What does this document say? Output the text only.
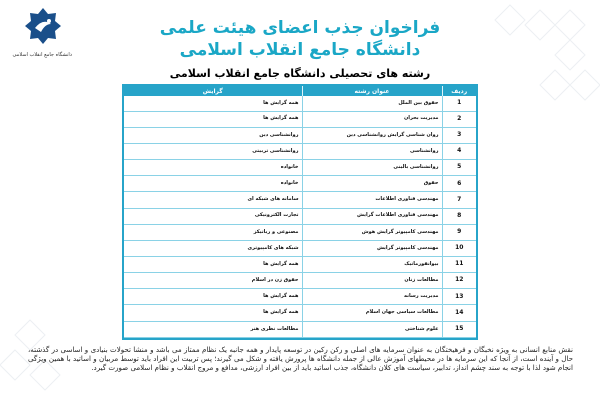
دانشگاه جامع انقلاب اسلامی
فراخوان جذب اعضای هیئت علمی
دانشگاه جامع انقلاب اسلامی
رشته های تحصیلی دانشگاه جامع انقلاب اسلامی
ردیف	عنوان رشته	گرایش
1	حقوق بین الملل	همه گرایش ها
2	مدیریت بحران	همه گرایش ها
3	روان شناسی گرایش روانشناسی دین	روانشناسی دین
4	روانشناسی	روانشناسی تربیتی
5	روانشناسی بالینی	خانواده
6	حقوق	خانواده
7	مهندسی فناوری اطلاعات	سامانه های شبکه ای
8	مهندسی فناوری اطلاعات گرایش	تجارت الکترونیکی
9	مهندسی کامپیوتر گرایش هوش	مصنوعی و رباتیکز
10	مهندسی کامپیوتر گرایش	شبکه های کامپیوتری
11	بیوانفورماتیک	همه گرایش ها
12	مطالعات زنان	حقوق زن در اسلام
13	مدیریت رسانه	همه گرایش ها
14	مطالعات سیاسی جهان اسلام	همه گرایش ها
15	علوم شناختی	مطالعات نظری هنر
نقش منابع انسانی به ویژه نخبگان و فرهیختگان به عنوان سرمایه های اصلی و رکن رکین در توسعه پایدار و همه جانبه یک نظام ممتاز می باشد و منشا تحولات بنیادی و اساسی در گذشته، حال و آینده است، از آنجا که این سرمایه ها در محیطهای آموزش عالی از جمله دانشگاه ها پرورش یافته و شکل می گیرند؛ پس تربیت این افراد باید توسط مربیان و اساتید با همین ویژگی انجام شود لذا با توجه به سند چشم انداز، تدابیر، سیاست های کلان دانشگاه، جذب اساتید باید از بین افراد ارزشی، مدافع و مروج انقلاب و نظام اسلامی صورت گیرد.
